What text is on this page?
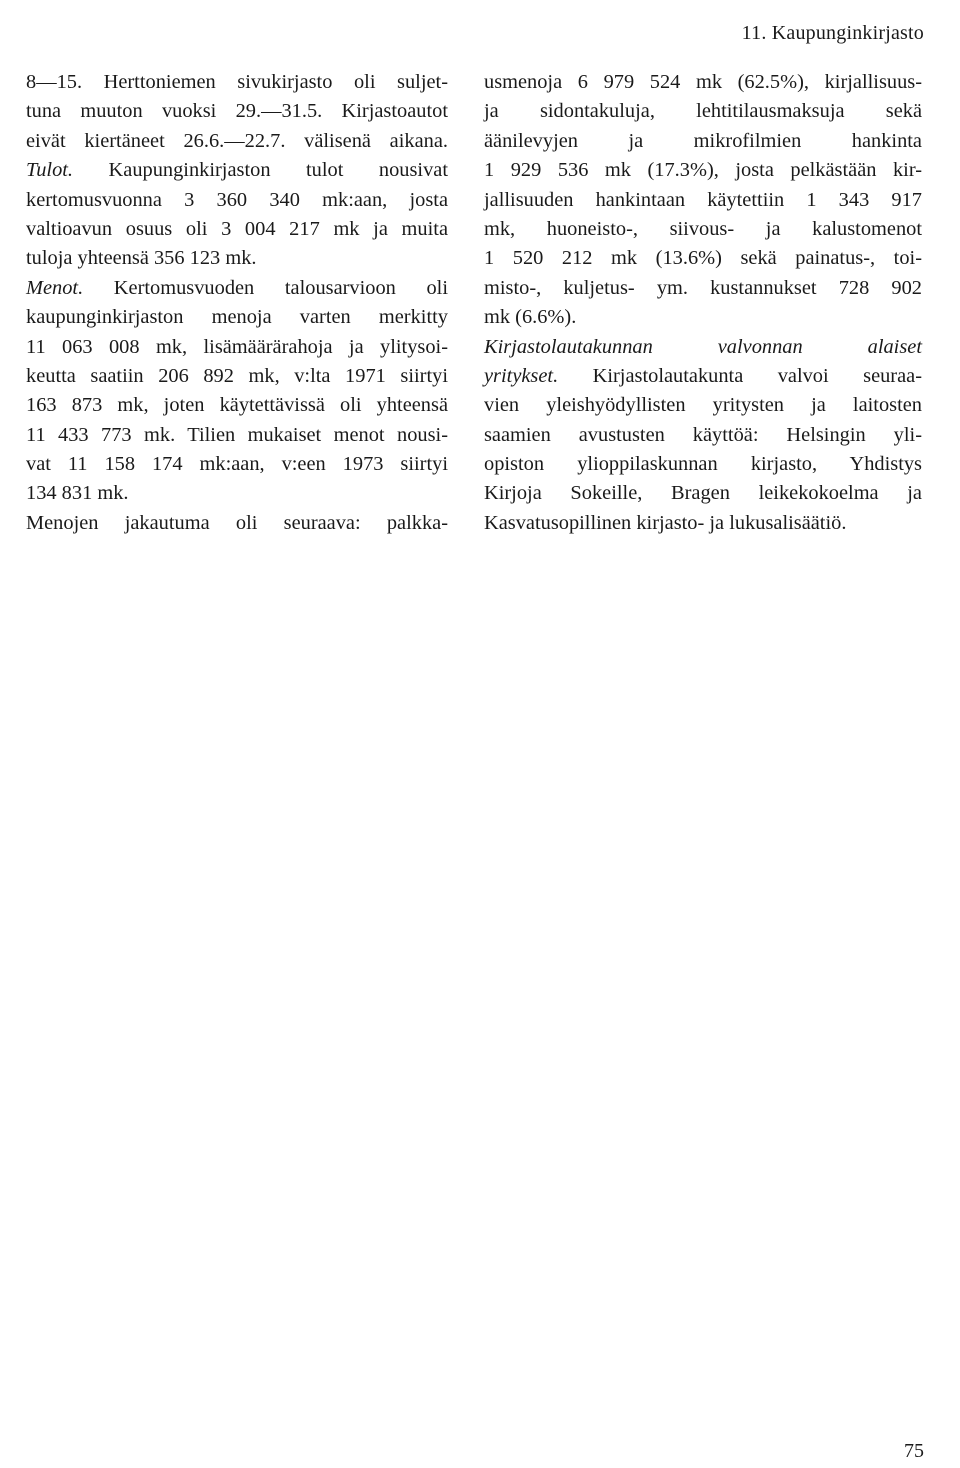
11. Kaupunginkirjasto
8—15. Herttoniemen sivukirjasto oli suljet-
tuna muuton vuoksi 29.—31.5. Kirjastoautot
eivät kiertäneet 26.6.—22.7. välisenä aikana.
Tulot. Kaupunginkirjaston tulot nousivat
kertomusvuonna 3 360 340 mk:aan, josta
valtioavun osuus oli 3 004 217 mk ja muita
tuloja yhteensä 356 123 mk.
Menot. Kertomusvuoden talousarvioon oli
kaupunginkirjaston menoja varten merkitty
11 063 008 mk, lisämäärärahoja ja ylitysoi-
keutta saatiin 206 892 mk, v:lta 1971 siirtyi
163 873 mk, joten käytettävissä oli yhteensä
11 433 773 mk. Tilien mukaiset menot nousi-
vat 11 158 174 mk:aan, v:een 1973 siirtyi
134 831 mk.
Menojen jakautuma oli seuraava: palkka-
usmenoja 6 979 524 mk (62.5%), kirjallisuus-
ja sidontakuluja, lehtitilausmaksuja sekä
äänilevyjen ja mikrofilmien hankinta
1 929 536 mk (17.3%), josta pelkästään kir-
jallisuuden hankintaan käytettiin 1 343 917
mk, huoneisto-, siivous- ja kalustomenot
1 520 212 mk (13.6%) sekä painatus-, toi-
misto-, kuljetus- ym. kustannukset 728 902
mk (6.6%).
Kirjastolautakunnan valvonnan alaiset
yritykset. Kirjastolautakunta valvoi seuraa-
vien yleishyödyllisten yritysten ja laitosten
saamien avustusten käyttöä: Helsingin yli-
opiston ylioppilaskunnan kirjasto, Yhdistys
Kirjoja Sokeille, Bragen leikekokoelma ja
Kasvatusopillinen kirjasto- ja lukusalisäätiö.
75
